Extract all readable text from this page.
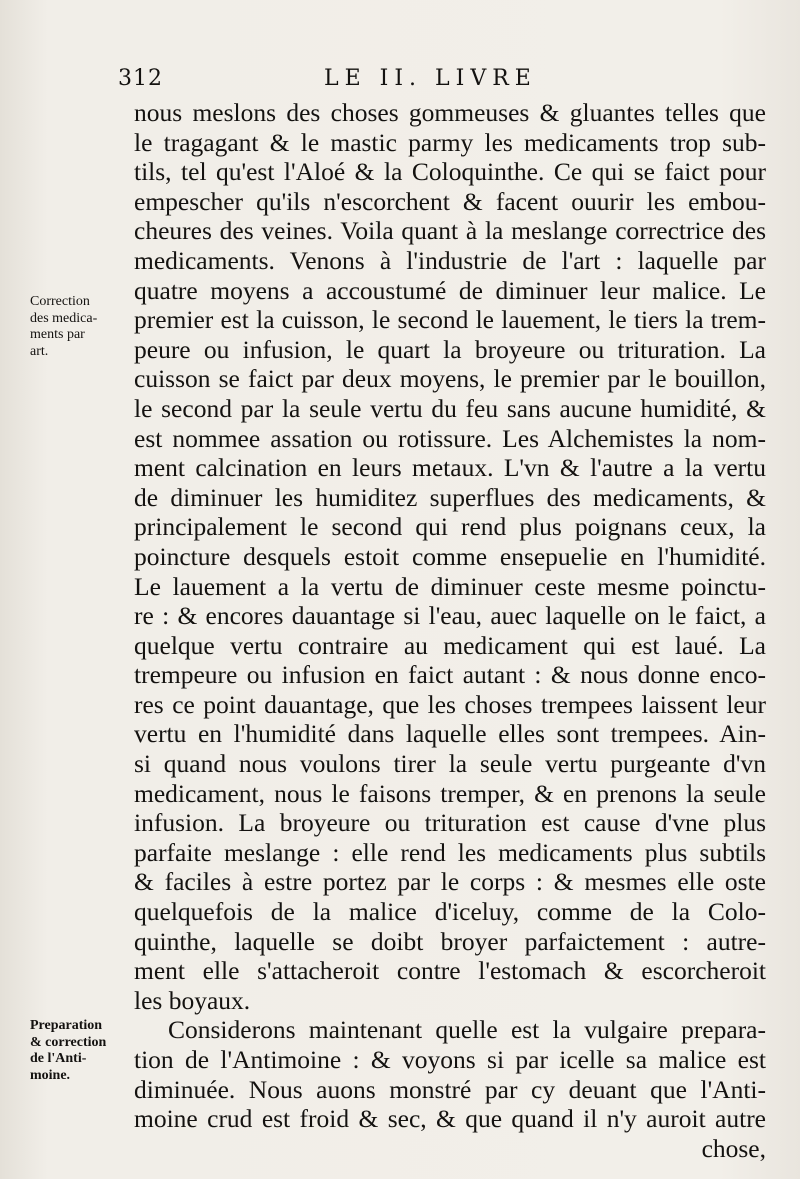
312	LE II. LIVRE
Correction
des medica-
ments par
art.
Preparation
& correction
de l'Anti-
moine.
nous meslons des choses gommeuses & gluantes telles que
le tragagant & le mastic parmy les medicaments trop sub-
tils, tel qu'est l'Aloé & la Coloquinthe. Ce qui se faict pour
empescher qu'ils n'escorchent & facent ouurir les embou-
cheures des veines. Voila quant à la meslange correctrice des
medicaments. Venons à l'industrie de l'art : laquelle par
quatre moyens a accoustumé de diminuer leur malice. Le
premier est la cuisson, le second le lauement, le tiers la trem-
peure ou infusion, le quart la broyeure ou trituration. La
cuisson se faict par deux moyens, le premier par le bouillon,
le second par la seule vertu du feu sans aucune humidité, &
est nommee assation ou rotissure. Les Alchemistes la nom-
ment calcination en leurs metaux. L'vn & l'autre a la vertu
de diminuer les humiditez superflues des medicaments, &
principalement le second qui rend plus poignans ceux, la
poincture desquels estoit comme ensepuelie en l'humidité.
Le lauement a la vertu de diminuer ceste mesme poinctu-
re : & encores dauantage si l'eau, auec laquelle on le faict, a
quelque vertu contraire au medicament qui est laué. La
trempeure ou infusion en faict autant : & nous donne enco-
res ce point dauantage, que les choses trempees laissent leur
vertu en l'humidité dans laquelle elles sont trempees. Ain-
si quand nous voulons tirer la seule vertu purgeante d'vn
medicament, nous le faisons tremper, & en prenons la seule
infusion. La broyeure ou trituration est cause d'vne plus
parfaite meslange : elle rend les medicaments plus subtils
& faciles à estre portez par le corps : & mesmes elle oste
quelquefois de la malice d'iceluy, comme de la Colo-
quinthe, laquelle se doibt broyer parfaictement : autre-
ment elle s'attacheroit contre l'estomach & escorcheroit
les boyaux.
Considerons maintenant quelle est la vulgaire prepara-
tion de l'Antimoine : & voyons si par icelle sa malice est
diminuée. Nous auons monstré par cy deuant que l'Anti-
moine crud est froid & sec, & que quand il n'y auroit autre
chose,
